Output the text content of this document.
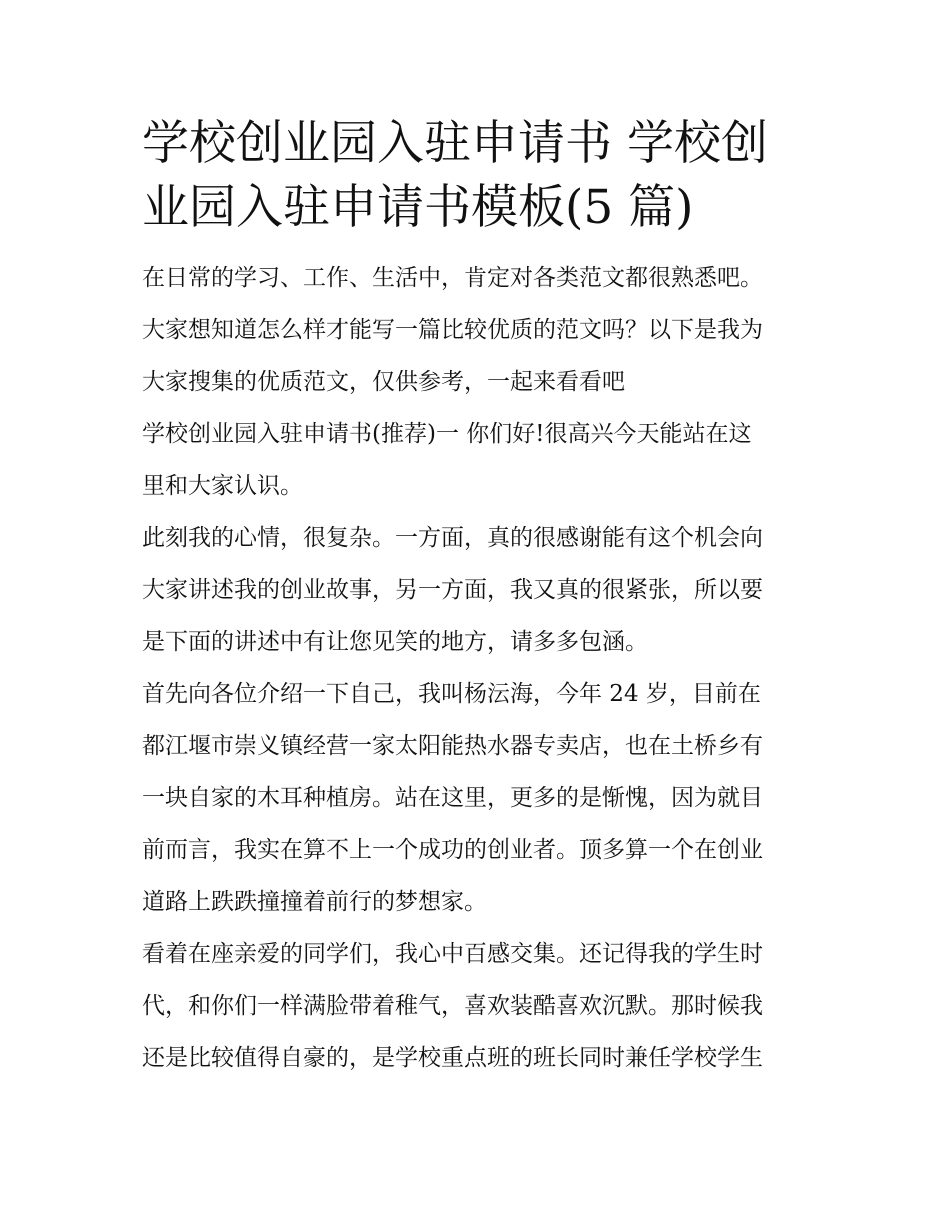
学校创业园入驻申请书 学校创
业园入驻申请书模板(5 篇)
在日常的学习、工作、生活中，肯定对各类范文都很熟悉吧。
大家想知道怎么样才能写一篇比较优质的范文吗？以下是我为
大家搜集的优质范文，仅供参考，一起来看看吧
学校创业园入驻申请书(推荐)一 你们好!很高兴今天能站在这
里和大家认识。
此刻我的心情，很复杂。一方面，真的很感谢能有这个机会向
大家讲述我的创业故事，另一方面，我又真的很紧张，所以要
是下面的讲述中有让您见笑的地方，请多多包涵。
首先向各位介绍一下自己，我叫杨沄海，今年 24 岁，目前在
都江堰市崇义镇经营一家太阳能热水器专卖店，也在土桥乡有
一块自家的木耳种植房。站在这里，更多的是惭愧，因为就目
前而言，我实在算不上一个成功的创业者。顶多算一个在创业
道路上跌跌撞撞着前行的梦想家。
看着在座亲爱的同学们，我心中百感交集。还记得我的学生时
代，和你们一样满脸带着稚气，喜欢装酷喜欢沉默。那时候我
还是比较值得自豪的，是学校重点班的班长同时兼任学校学生
